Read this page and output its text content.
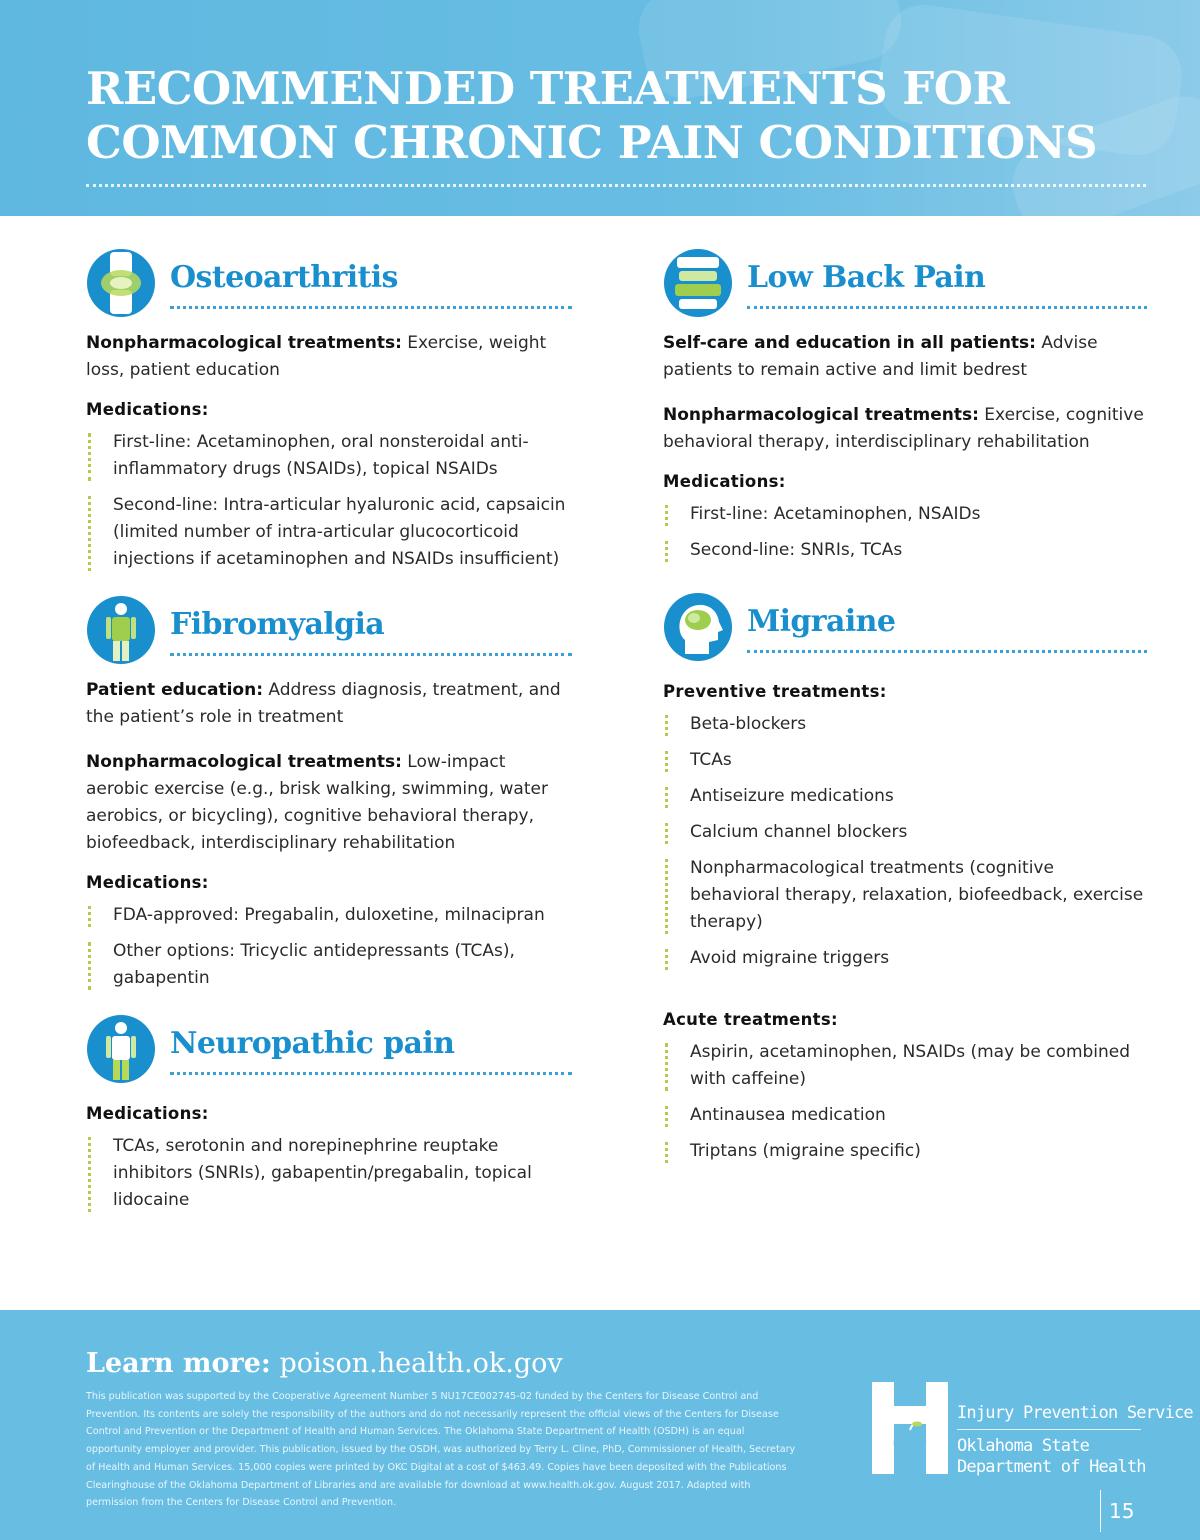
RECOMMENDED TREATMENTS FOR
COMMON CHRONIC PAIN CONDITIONS
Osteoarthritis

Nonpharmacological treatments: Exercise, weight loss, patient education

Medications:
First-line: Acetaminophen, oral nonsteroidal anti-inflammatory drugs (NSAIDs), topical NSAIDs
Second-line: Intra-articular hyaluronic acid, capsaicin (limited number of intra-articular glucocorticoid injections if acetaminophen and NSAIDs insufficient)
Fibromyalgia

Patient education: Address diagnosis, treatment, and the patient’s role in treatment

Nonpharmacological treatments: Low-impact aerobic exercise (e.g., brisk walking, swimming, water aerobics, or bicycling), cognitive behavioral therapy, biofeedback, interdisciplinary rehabilitation

Medications:
FDA-approved: Pregabalin, duloxetine, milnacipran
Other options: Tricyclic antidepressants (TCAs), gabapentin
Neuropathic pain
Medications:
TCAs, serotonin and norepinephrine reuptake inhibitors (SNRIs), gabapentin/pregabalin, topical lidocaine
Low Back Pain

Self-care and education in all patients: Advise patients to remain active and limit bedrest

Nonpharmacological treatments: Exercise, cognitive behavioral therapy, interdisciplinary rehabilitation

Medications:
First-line: Acetaminophen, NSAIDs
Second-line: SNRIs, TCAs
Migraine
Preventive treatments:
Beta-blockers
TCAs
Antiseizure medications
Calcium channel blockers
Nonpharmacological treatments (cognitive behavioral therapy, relaxation, biofeedback, exercise therapy)
Avoid migraine triggers
Acute treatments:
Aspirin, acetaminophen, NSAIDs (may be combined with caffeine)
Antinausea medication
Triptans (migraine specific)
Learn more: poison.health.ok.gov
This publication was supported by the Cooperative Agreement Number 5 NU17CE002745-02 funded by the Centers for Disease Control and Prevention. Its contents are solely the responsibility of the authors and do not necessarily represent the official views of the Centers for Disease Control and Prevention or the Department of Health and Human Services. The Oklahoma State Department of Health (OSDH) is an equal opportunity employer and provider. This publication, issued by the OSDH, was authorized by Terry L. Cline, PhD, Commissioner of Health, Secretary of Health and Human Services. 15,000 copies were printed by OKC Digital at a cost of $463.49. Copies have been deposited with the Publications Clearinghouse of the Oklahoma Department of Libraries and are available for download at www.health.ok.gov. August 2017. Adapted with permission from the Centers for Disease Control and Prevention.
Injury Prevention Service
Oklahoma State
Department of Health
15
